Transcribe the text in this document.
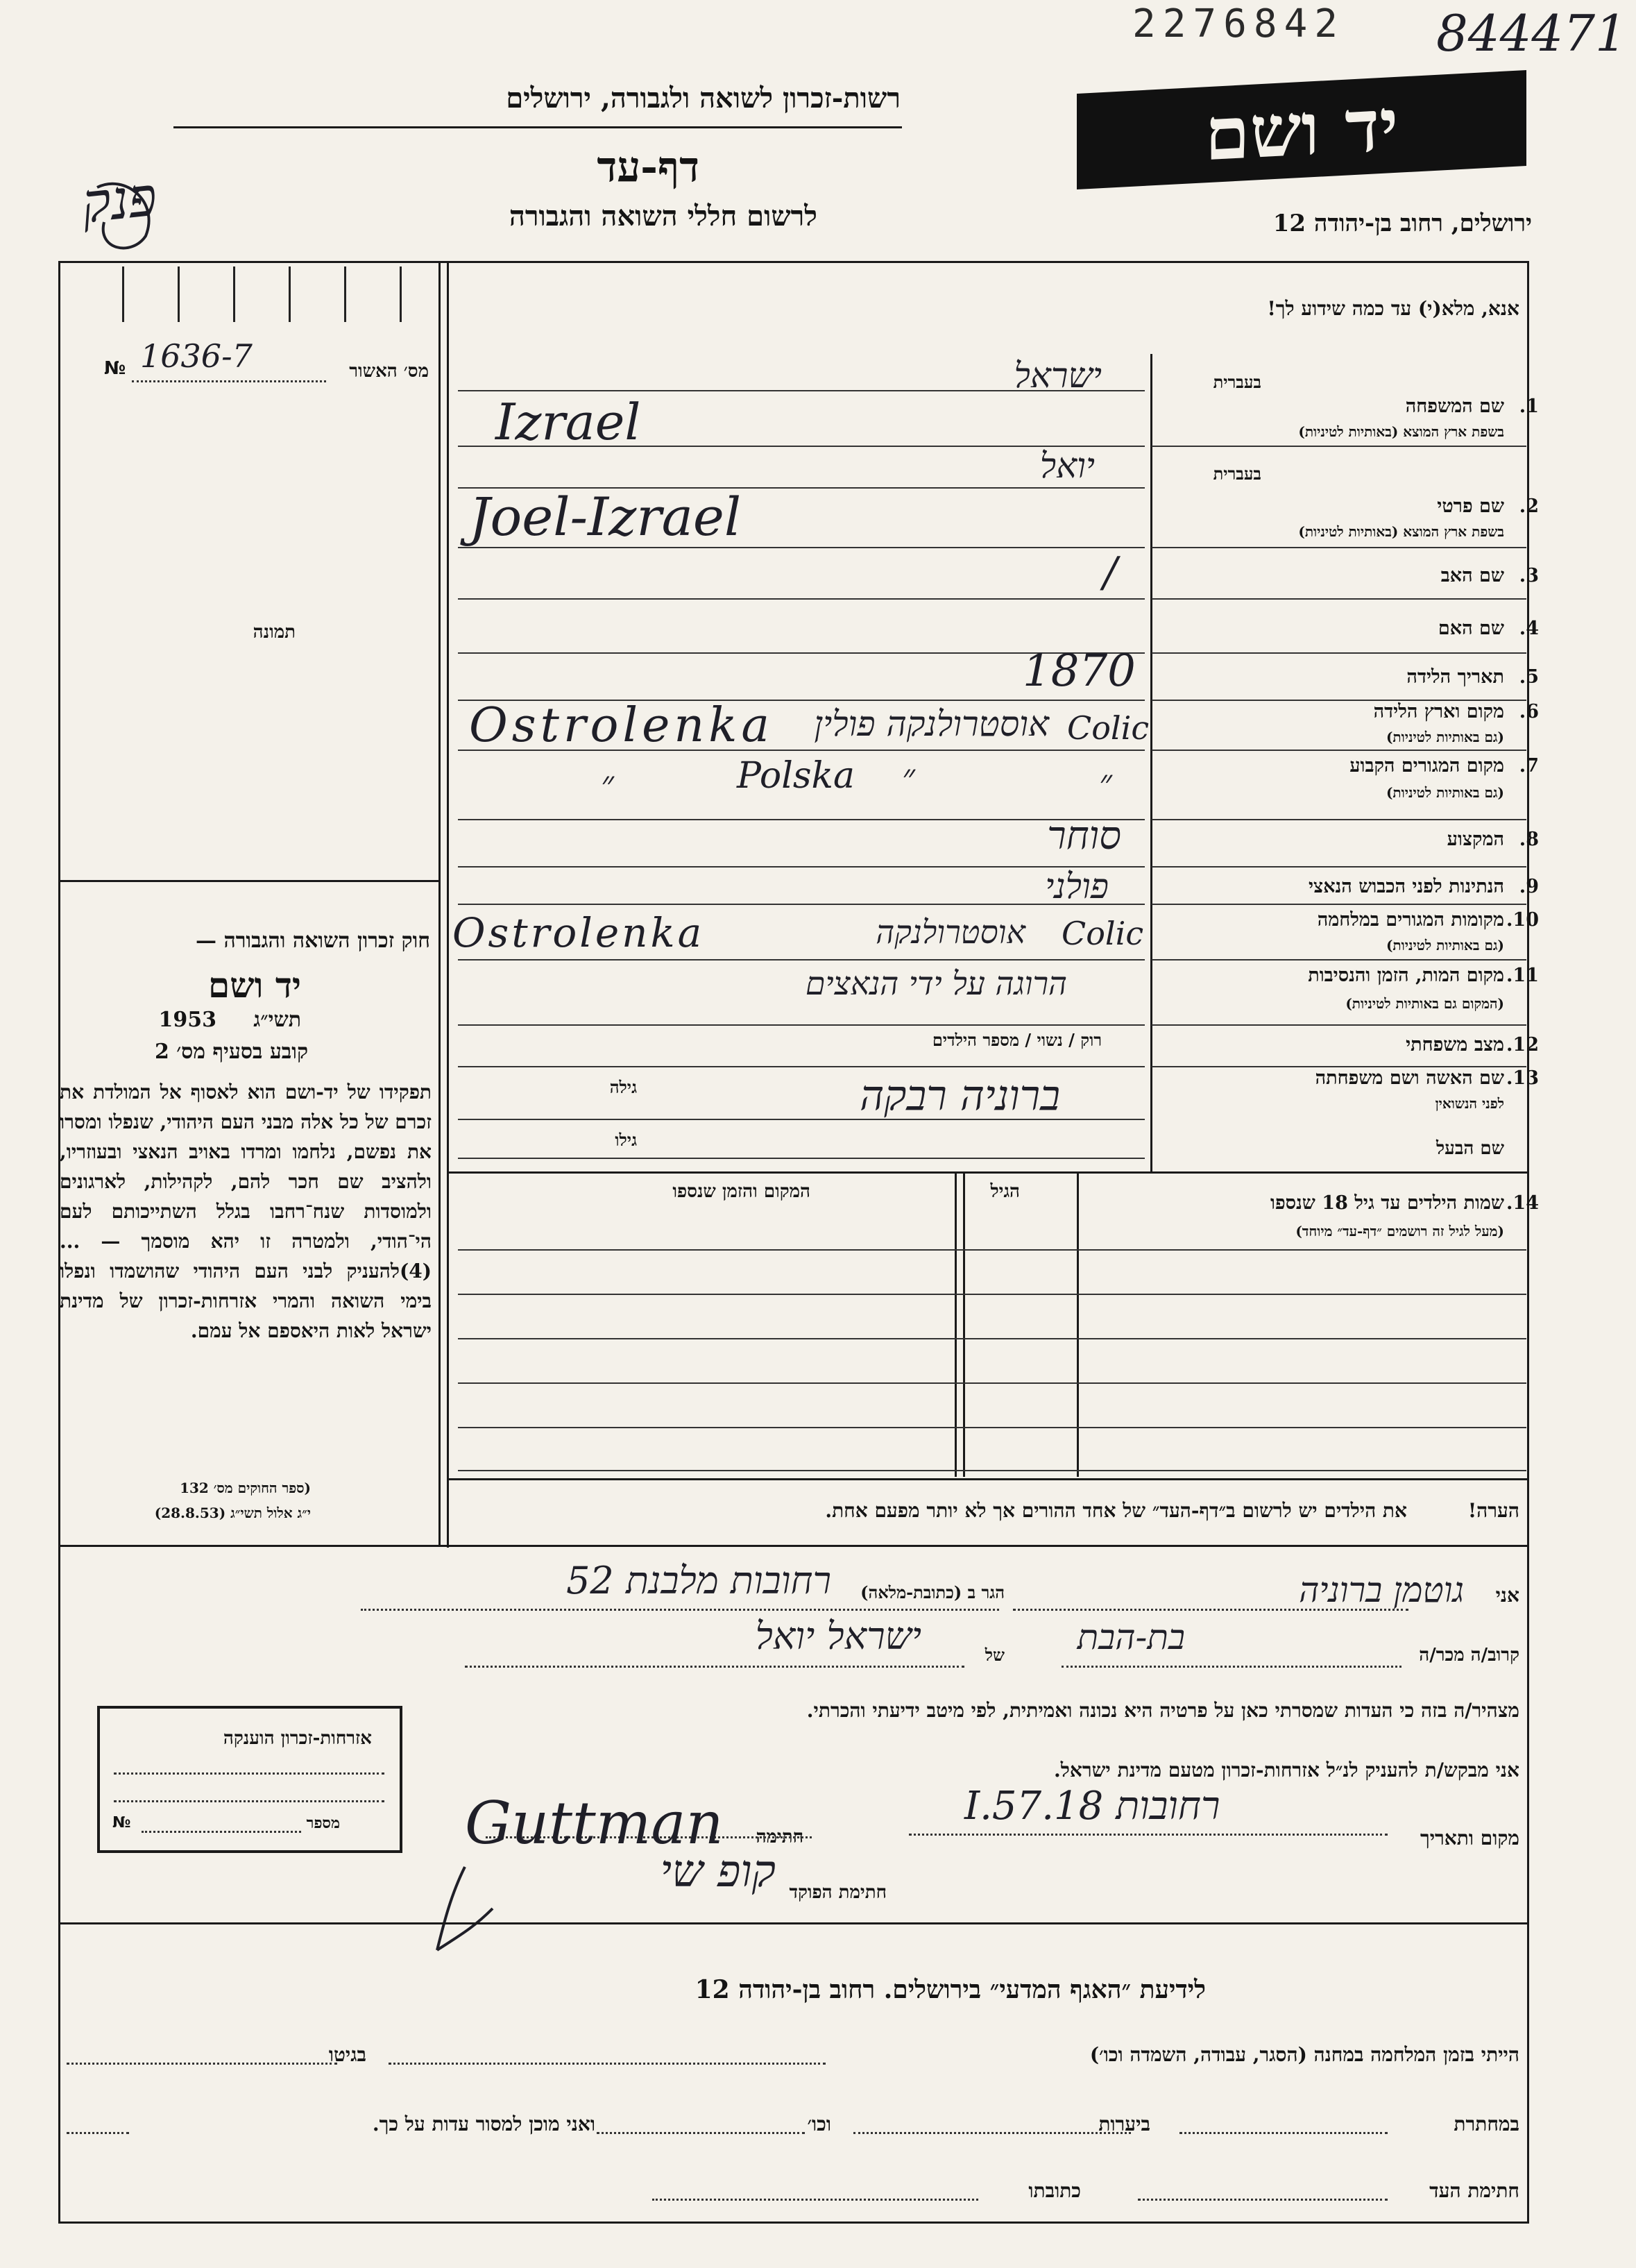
2276842 844471
רשות-זכרון לשואה ולגבורה, ירושלים
דף-עד
לרשום חללי השואה והגבורה
פנק
יד ושם
ירושלים, רחוב בן-יהודה 12
מס׳ האשור
1636-7
№
תמונה
חוק זכרון השואה והגבורה —
יד ושם
תשי״ג
1953
קובע בסעיף מס׳ 2
תפקידו של יד-ושם הוא לאסוף אל המולדת את זכרם של כל אלה מבני העם היהודי, שנפלו ומסרו את נפשם, נלחמו ומרדו באויב הנאצי ובעוזריו, ולהציב שם חכר להם, לקהילות, לארגונים ולמוסדות שנח־רחבו בגלל השתייכותם לעם הי־הודי, ולמטרה זו יהא מוסמך — ...(4)להעניק לבני העם היהודי שהושמדו ונפלו בימי השואה והמרי אזרחות-זכרון של מדינת ישראל לאות היאספם אל עמם.
(ספר החוקים מס׳ 132
י״ג אלול תשי״ג (28.8.53)
אנא, מלא(י) עד כמה שידוע לך!
1.
שם המשפחה
בשפת ארץ המוצא (באותיות לטיניות)
בעברית
ישראל
Izrael
2.
שם פרטי
בשפת ארץ המוצא (באותיות לטיניות)
בעברית
יואל
Joel-Izrael
3.
שם האב
/
4.
שם האם
5.
תאריך הלידה
1870
6.
מקום וארץ הלידה
(גם באותיות לטיניות)
Ostrolenka	Colic
אוסטרולנקה פולין
7.
מקום המגורים הקבוע
(גם באותיות לטיניות)
Polska
״	״	״
8.
המקצוע
סוחר
9.
הנתינות לפני הכבוש הנאצי
פולני
10.
מקומות המגורים במלחמה
(גם באותיות לטיניות)
Ostrolenka	Colic
אוסטרולנקה
11.
מקום המות, הזמן והנסיבות
(המקום גם באותיות לטיניות)
הרוגה על ידי הנאצים
12.
מצב משפחתי
רוק / נשוי / מספר הילדים
13.
שם האשה ושם משפחתה
לפני הנשואין
ברוניה רבקה
גילה
גילו	שם הבעל
14.
שמות הילדים עד גיל 18 שנספו
(מעל לגיל זה רושמים ״דף-עד״ מיוחד)
הגיל
המקום והזמן שנספו
הערה!
את הילדים יש לרשום ב״דף-העד״ של אחד ההורים אך לא יותר מפעם אחת.
אני
גוטמן ברוניה
הגר ב (כתובת-מלאה)
רחובות מלבנת 52
קרוב/ה מכר/ה
בת-הבת
של
ישראל יואל
מצהיר/ה בזה כי העדות שמסרתי כאן על פרטיה היא נכונה ואמיתית, לפי מיטב ידיעתי והכרתי.
אני מבקש/ת להעניק לנ״ל אזרחות-זכרון מטעם מדינת ישראל.
מקום ותאריך
רחובות 18.I.57
חתימה
Guttman
חתימת הפוקד
קופ שי
אזרחות-זכרון הוענקה
מספר
№
לידיעת ״האגף המדעי״ בירושלים. רחוב בן-יהודה 12
הייתי בזמן המלחמה במחנה (הסגר, עבודה, השמדה וכו׳)
בגיטו
במחתרת
ביערות
וכו׳
ואני מוכן למסור עדות על כך.
חתימת העד
כתובתו
